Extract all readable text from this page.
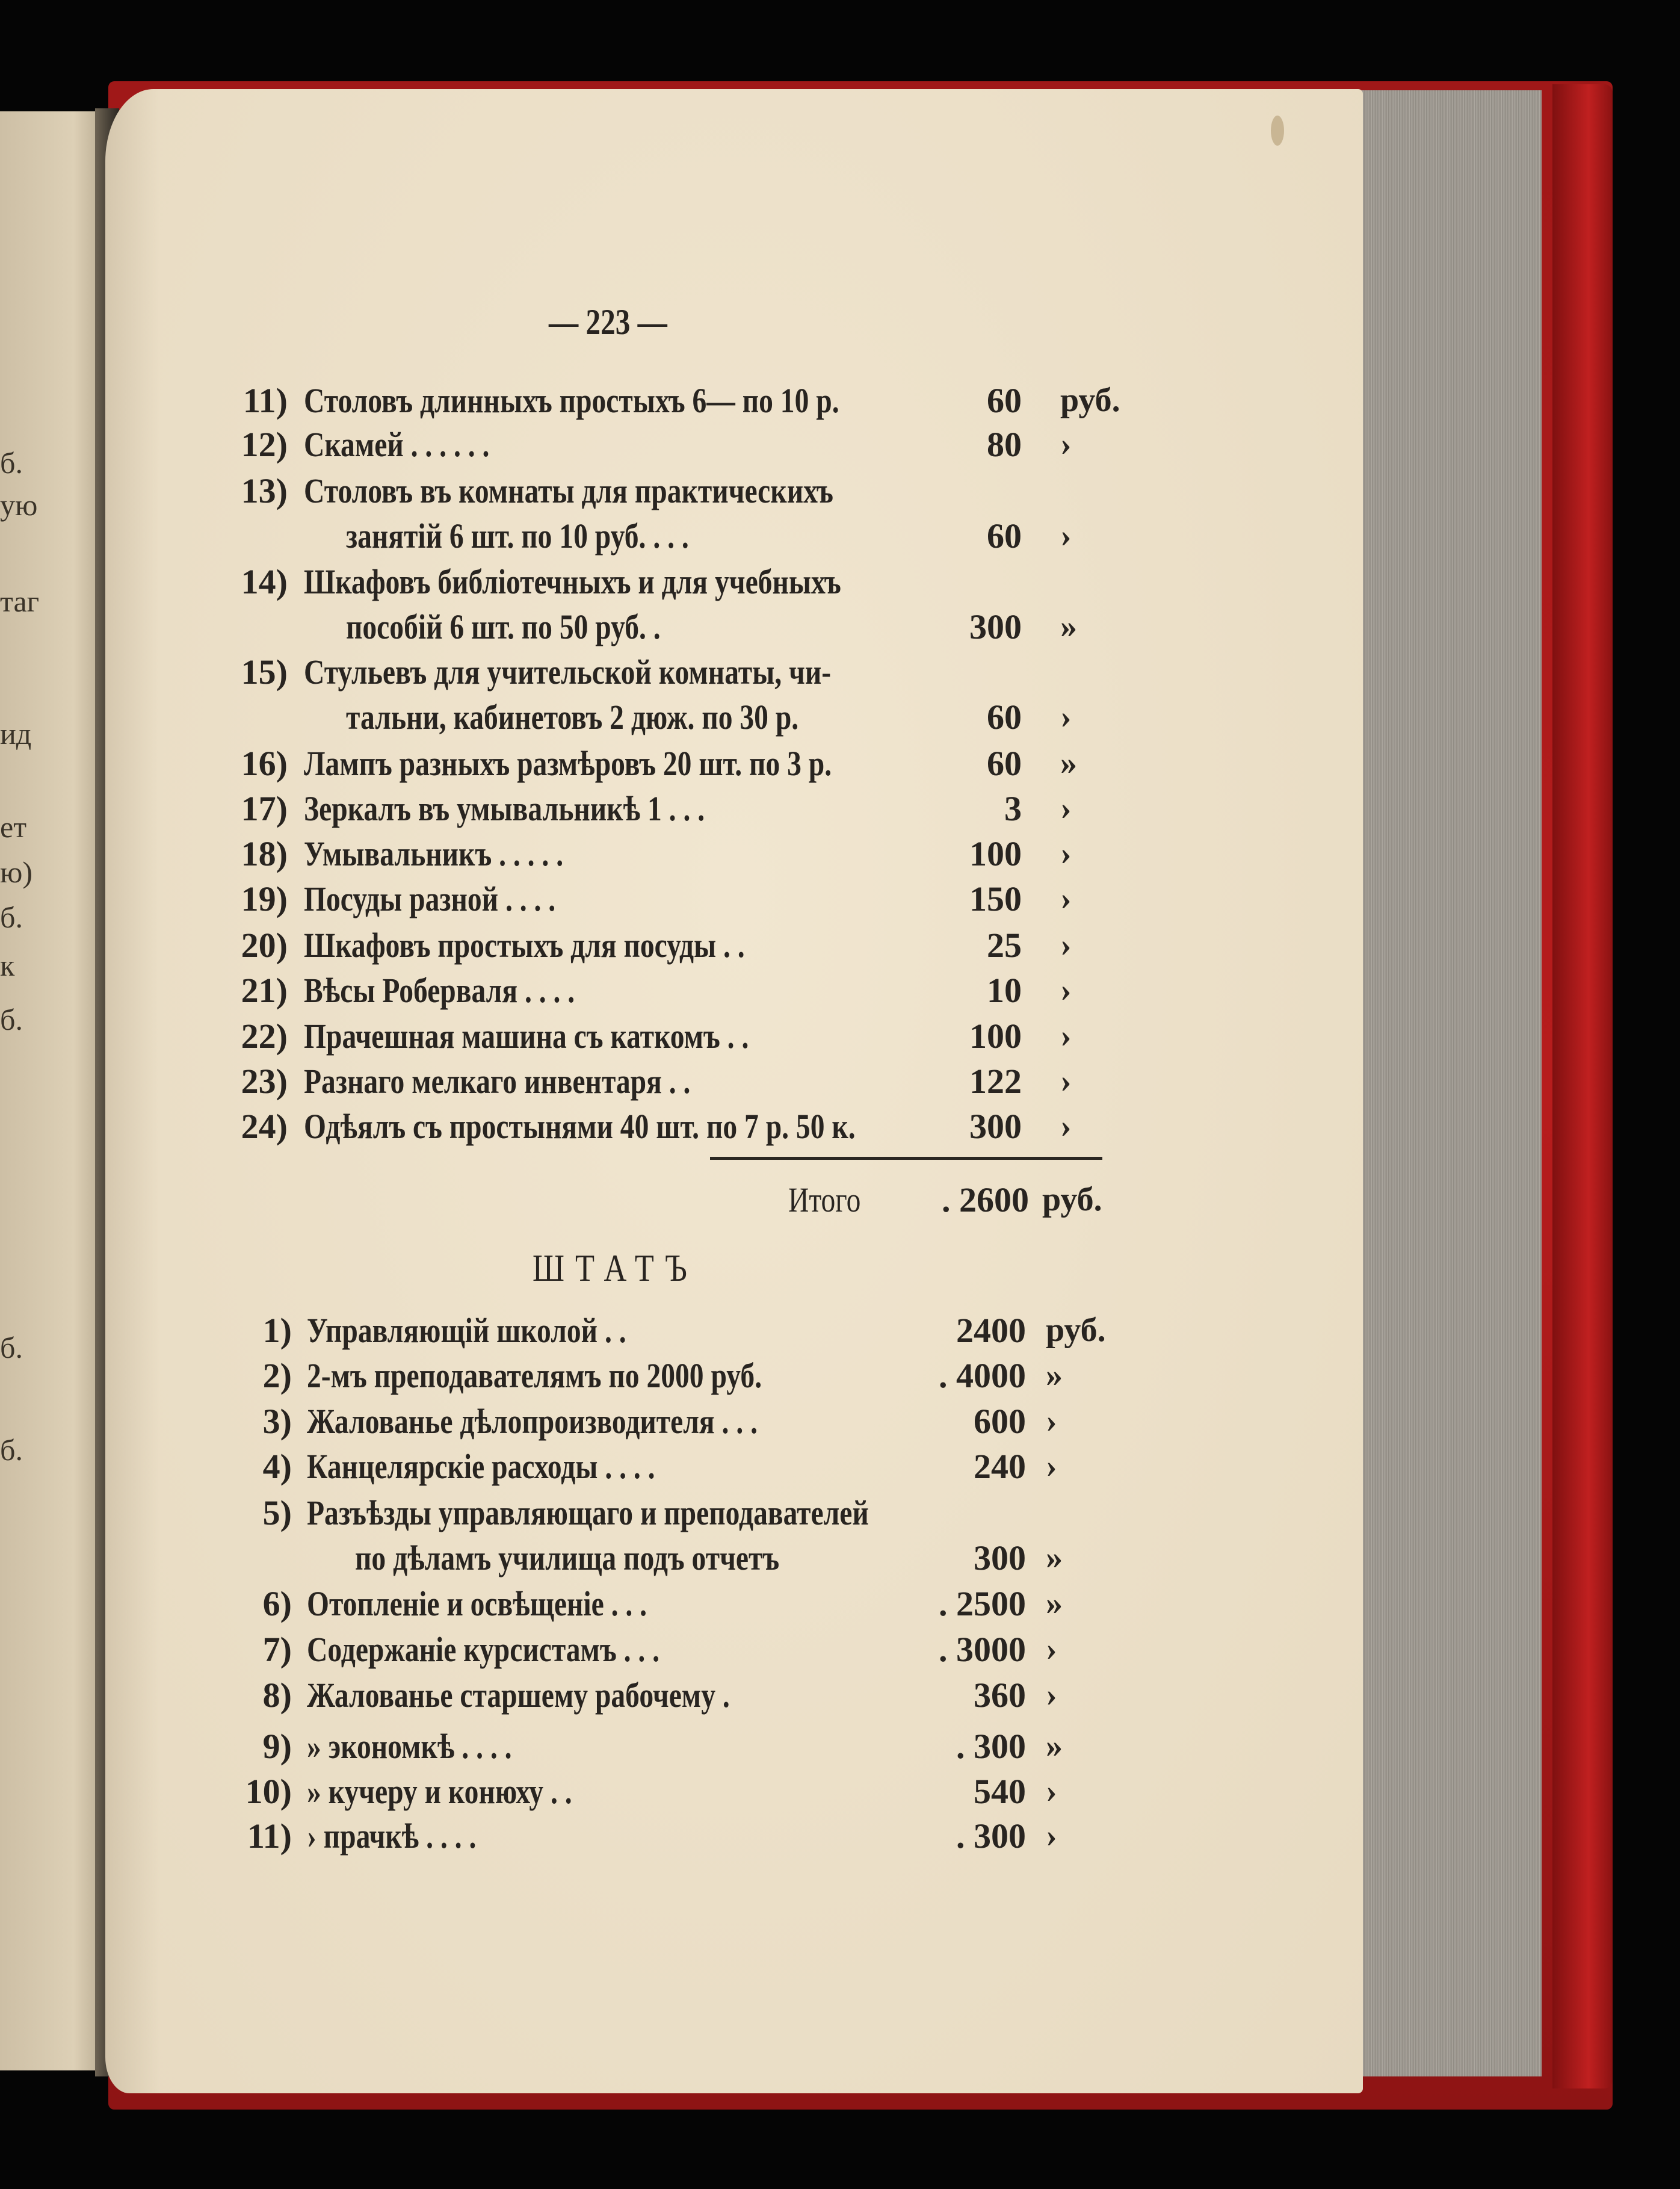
б.
ую
таг
ид
ет
ю)
б.
к
б.
б.
б.
— 223 —
11) Столовъ длинныхъ простыхъ 6— по 10 р.	60 руб.
12) Скамей . . . . . .	80 ›
13) Столовъ въ комнаты для практическихъ
занятій 6 шт. по 10 руб. . . .	60 ›
14) Шкафовъ библіотечныхъ и для учебныхъ
пособій 6 шт. по 50 руб. .	300 »
15) Стульевъ для учительской комнаты, чи-
тальни, кабинетовъ 2 дюж. по 30 р.	60 ›
16) Лампъ разныхъ размѣровъ 20 шт. по 3 р.	60 »
17) Зеркалъ въ умывальникѣ 1 . . .	3 ›
18) Умывальникъ . . . . .	100 ›
19) Посуды разной . . . .	150 ›
20) Шкафовъ простыхъ для посуды . .	25 ›
21) Вѣсы Роберваля . . . .	10 ›
22) Прачешная машина съ каткомъ . .	100 ›
23) Разнаго мелкаго инвентаря . .	122 ›
24) Одѣялъ съ простынями 40 шт. по 7 р. 50 к.	300 ›
Итого	. 2600 руб.
ШТАТЪ
1) Управляющій школой . .	2400 руб.
2) 2-мъ преподавателямъ по 2000 руб.	. 4000 »
3) Жалованье дѣлопроизводителя . . .	600 ›
4) Канцелярскіе расходы . . . .	240 ›
5) Разъѣзды управляющаго и преподавателей
по дѣламъ училища подъ отчетъ	300 »
6) Отопленіе и освѣщеніе . . .	. 2500 »
7) Содержаніе курсистамъ . . .	. 3000 ›
8) Жалованье старшему рабочему .	360 ›
9) » экономкѣ . . . .	. 300 »
10) » кучеру и конюху . .	540 ›
11) › прачкѣ . . . .	. 300 ›
